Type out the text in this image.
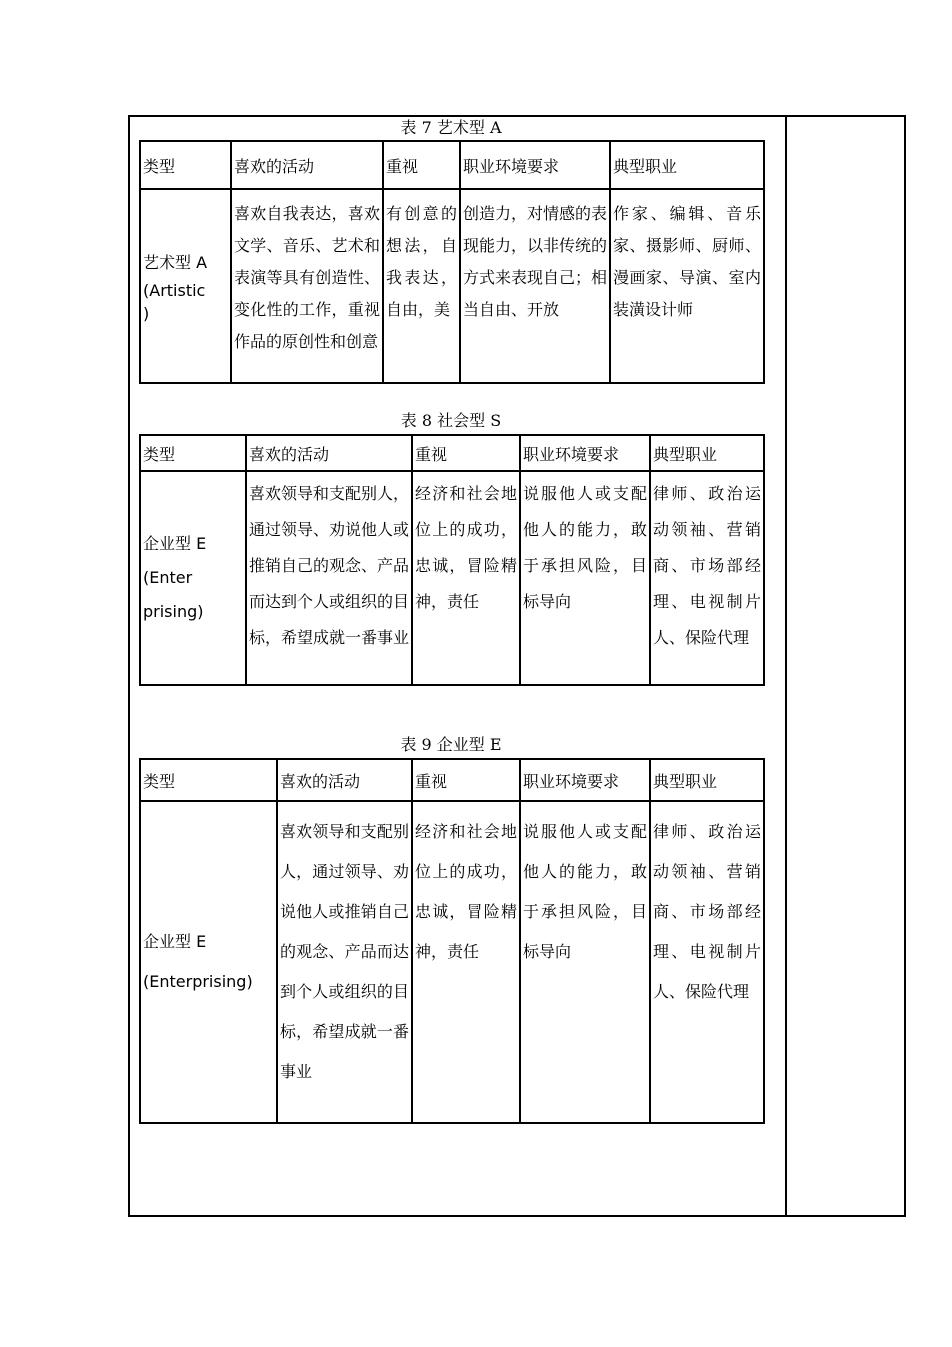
表 7 艺术型 A
类型	喜欢的活动	重视	职业环境要求	典型职业

艺术型 A
(Artistic
)	喜欢自我表达，喜欢文学、音乐、艺术和表演等具有创造性、变化性的工作，重视作品的原创性和创意	有创意的想法，自我表达，自由，美	创造力，对情感的表现能力，以非传统的方式来表现自己；相当自由、开放	作家、编辑、音乐家、摄影师、厨师、漫画家、导演、室内装潢设计师
表 8 社会型 S
类型	喜欢的活动	重视	职业环境要求	典型职业

企业型 E
(Enter
prising)	喜欢领导和支配别人，通过领导、劝说他人或推销自己的观念、产品而达到个人或组织的目标，希望成就一番事业	经济和社会地位上的成功，忠诚，冒险精神，责任	说服他人或支配他人的能力，敢于承担风险，目标导向	律师、政治运动领袖、营销商、市场部经理、电视制片人、保险代理
表 9 企业型 E
类型	喜欢的活动	重视	职业环境要求	典型职业

企业型 E
(Enterprising)	喜欢领导和支配别人，通过领导、劝说他人或推销自己的观念、产品而达到个人或组织的目标，希望成就一番事业	经济和社会地位上的成功，忠诚，冒险精神，责任	说服他人或支配他人的能力，敢于承担风险，目标导向	律师、政治运动领袖、营销商、市场部经理、电视制片人、保险代理
